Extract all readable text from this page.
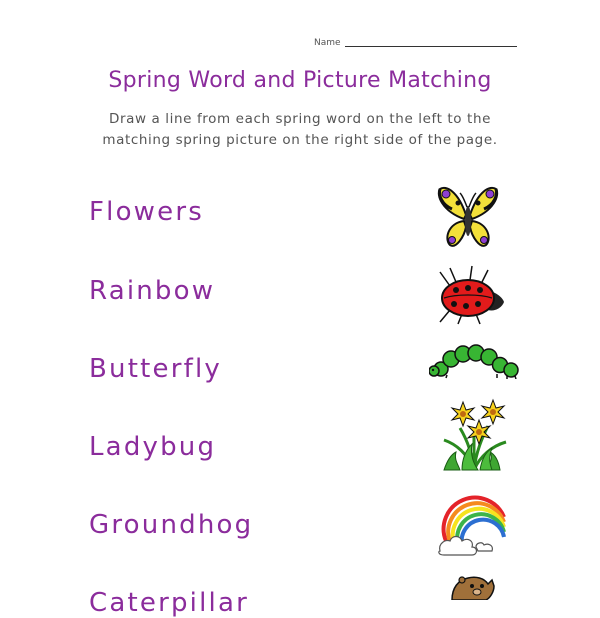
Name
Spring Word and Picture Matching
Draw a line from each spring word on the left to the
matching spring picture on the right side of the page.
Flowers
Rainbow
Butterfly
Ladybug
Groundhog
Caterpillar
